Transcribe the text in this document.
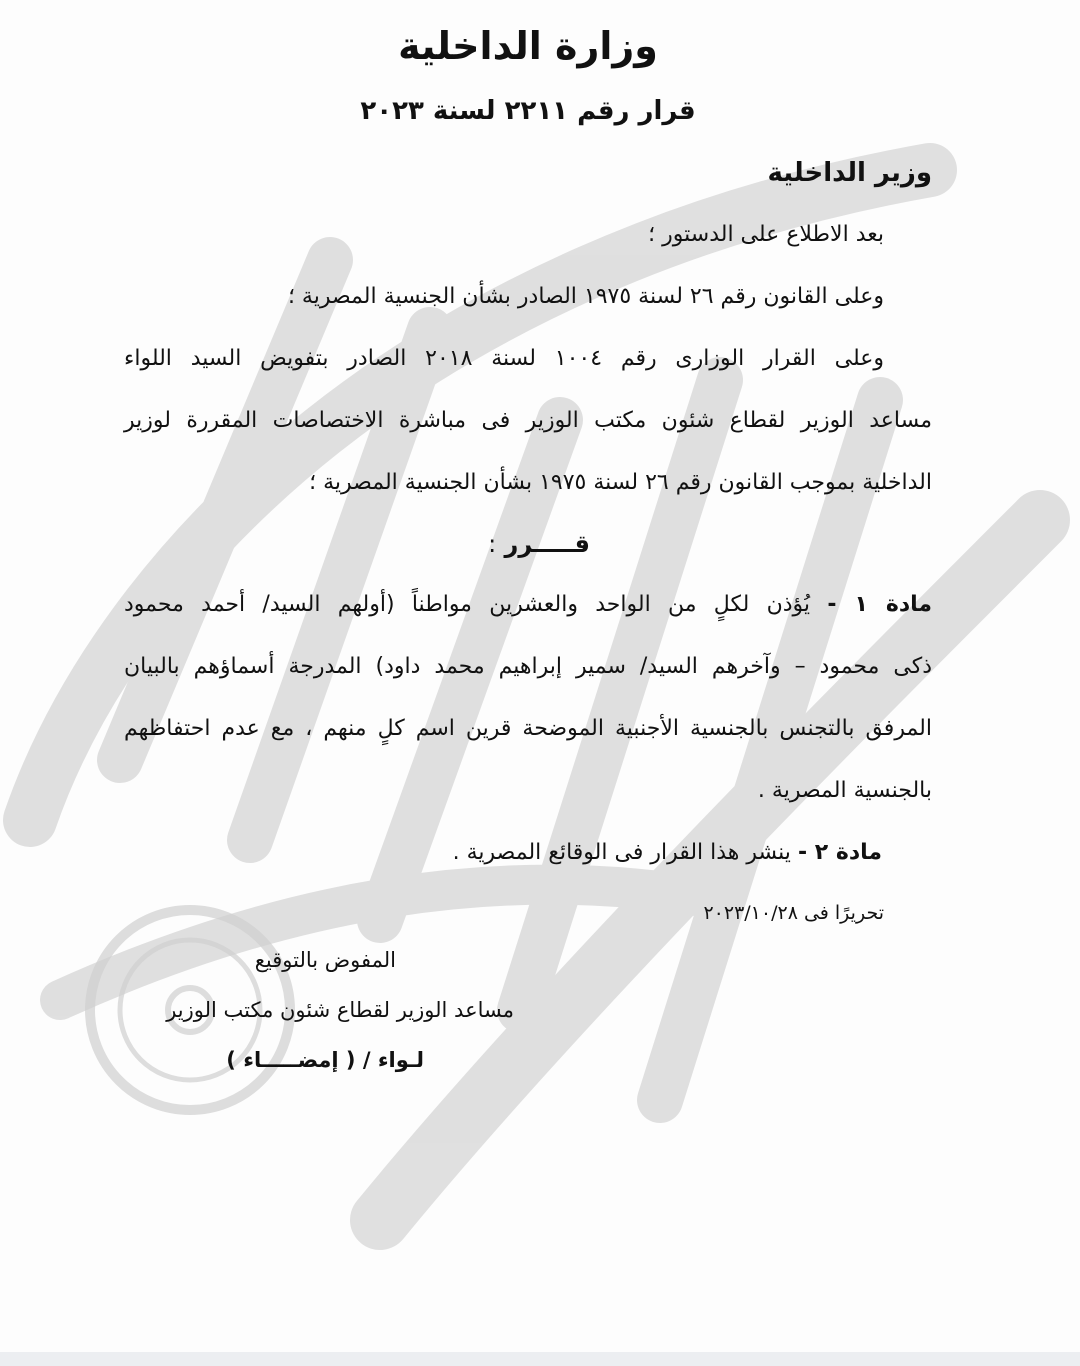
وزارة الداخلية
قرار رقم ٢٢١١ لسنة ٢٠٢٣
وزير الداخلية
بعد الاطلاع على الدستور ؛
وعلى القانون رقم ٢٦ لسنة ١٩٧٥ الصادر بشأن الجنسية المصرية ؛
وعلى القرار الوزارى رقم ١٠٠٤ لسنة ٢٠١٨ الصادر بتفويض السيد اللواء
مساعد الوزير لقطاع شئون مكتب الوزير فى مباشرة الاختصاصات المقررة لوزير
الداخلية بموجب القانون رقم ٢٦ لسنة ١٩٧٥ بشأن الجنسية المصرية ؛
قـــــرر :
مادة ١ - يُؤذن لكلٍ من الواحد والعشرين مواطناً (أولهم السيد/ أحمد محمود
ذكى محمود – وآخرهم السيد/ سمير إبراهيم محمد داود) المدرجة أسماؤهم بالبيان
المرفق بالتجنس بالجنسية الأجنبية الموضحة قرين اسم كلٍ منهم ، مع عدم احتفاظهم
بالجنسية المصرية .
مادة ٢ - ينشر هذا القرار فى الوقائع المصرية .
تحريرًا فى ٢٠٢٣/١٠/٢٨
المفوض بالتوقيع
مساعد الوزير لقطاع شئون مكتب الوزير
لـواء / ( إمضـــــاء )
